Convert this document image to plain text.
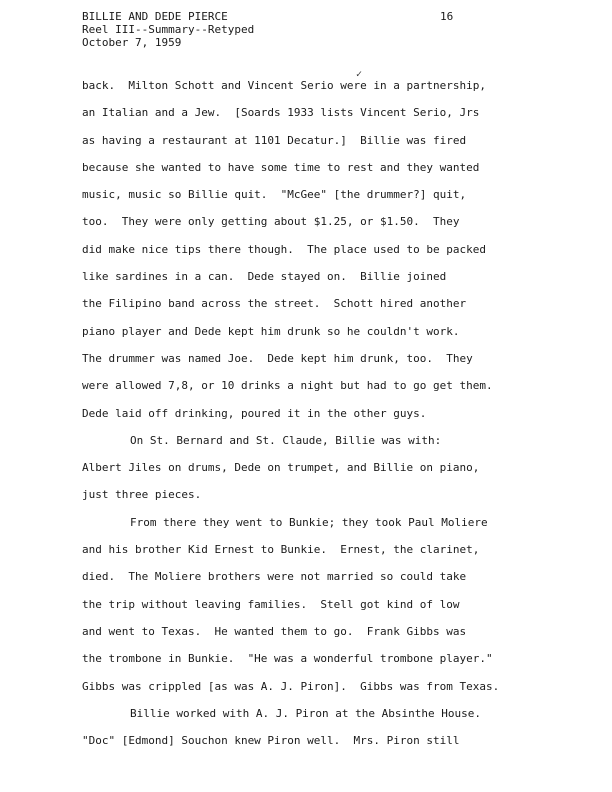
BILLIE AND DEDE PIERCE
Reel III--Summary--Retyped
October 7, 1959
16
✓
back.  Milton Schott and Vincent Serio were in a partnership,
an Italian and a Jew.  [Soards 1933 lists Vincent Serio, Jrs
as having a restaurant at 1101 Decatur.]  Billie was fired
because she wanted to have some time to rest and they wanted
music, music so Billie quit.  "McGee" [the drummer?] quit,
too.  They were only getting about $1.25, or $1.50.  They
did make nice tips there though.  The place used to be packed
like sardines in a can.  Dede stayed on.  Billie joined
the Filipino band across the street.  Schott hired another
piano player and Dede kept him drunk so he couldn't work.
The drummer was named Joe.  Dede kept him drunk, too.  They
were allowed 7,8, or 10 drinks a night but had to go get them.
Dede laid off drinking, poured it in the other guys.
On St. Bernard and St. Claude, Billie was with:
Albert Jiles on drums, Dede on trumpet, and Billie on piano,
just three pieces.
From there they went to Bunkie; they took Paul Moliere
and his brother Kid Ernest to Bunkie.  Ernest, the clarinet,
died.  The Moliere brothers were not married so could take
the trip without leaving families.  Stell got kind of low
and went to Texas.  He wanted them to go.  Frank Gibbs was
the trombone in Bunkie.  "He was a wonderful trombone player."
Gibbs was crippled [as was A. J. Piron].  Gibbs was from Texas.
Billie worked with A. J. Piron at the Absinthe House.
"Doc" [Edmond] Souchon knew Piron well.  Mrs. Piron still
